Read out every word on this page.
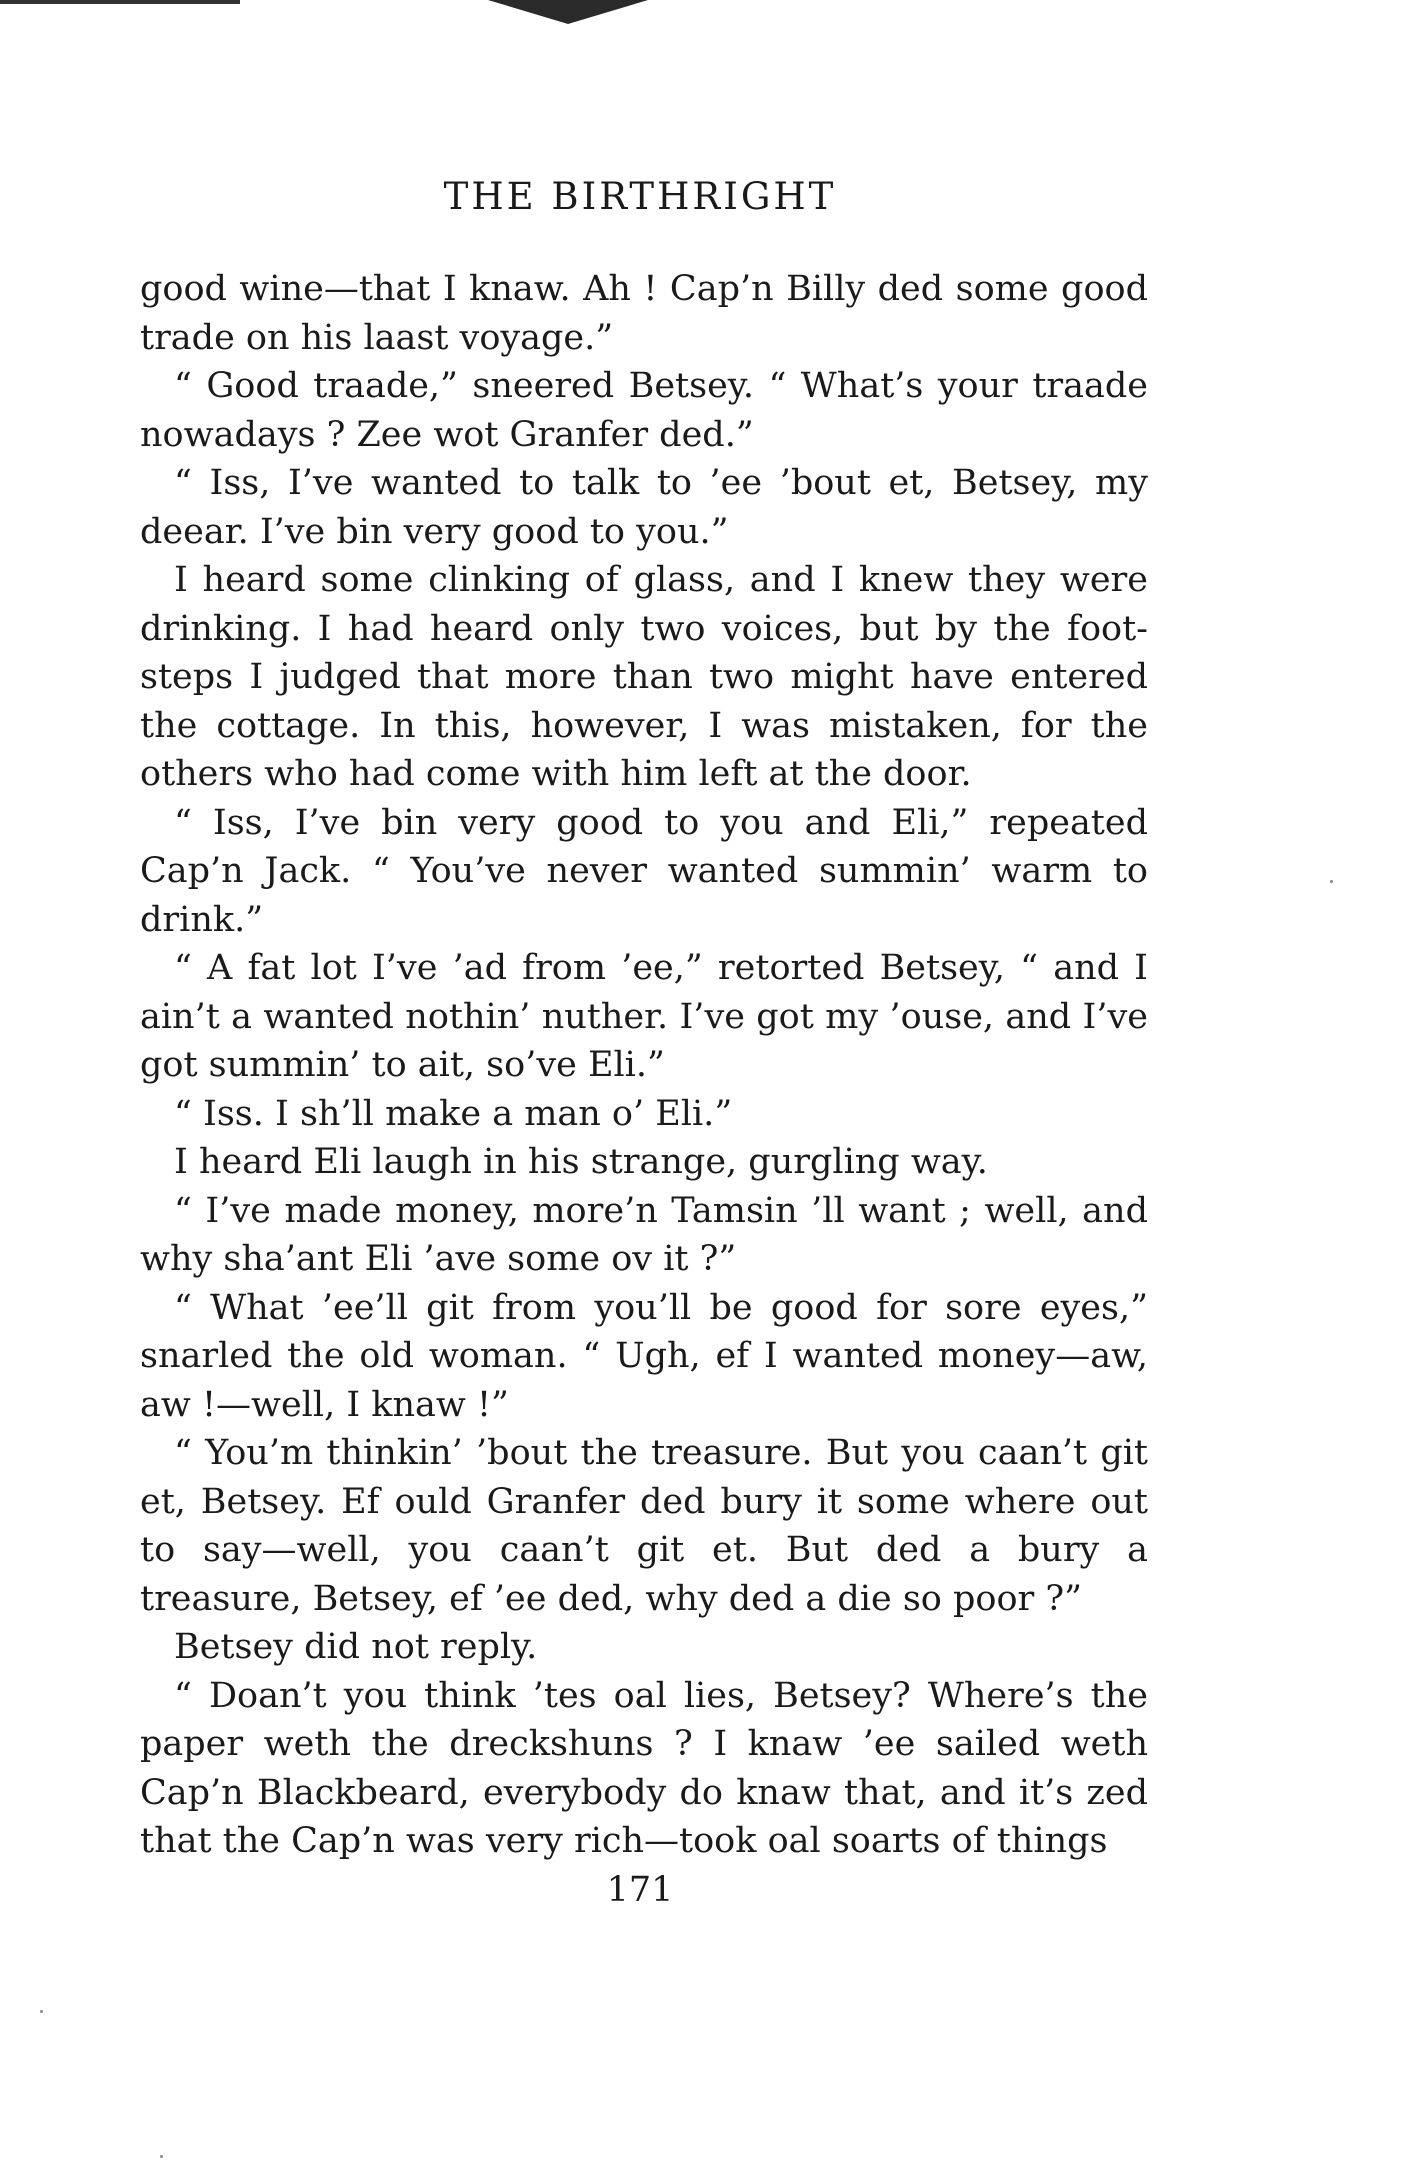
THE BIRTHRIGHT

good wine—that I knaw. Ah ! Cap’n Billy ded some good trade on his laast voyage.”

“ Good traade,” sneered Betsey. “ What’s your traade nowadays ? Zee wot Granfer ded.”

“ Iss, I’ve wanted to talk to ’ee ’bout et, Betsey, my deear. I’ve bin very good to you.”

I heard some clinking of glass, and I knew they were drinking. I had heard only two voices, but by the foot-steps I judged that more than two might have entered the cottage. In this, however, I was mistaken, for the others who had come with him left at the door.

“ Iss, I’ve bin very good to you and Eli,” repeated Cap’n Jack. “ You’ve never wanted summin’ warm to drink.”

“ A fat lot I’ve ’ad from ’ee,” retorted Betsey, “ and I ain’t a wanted nothin’ nuther. I’ve got my ’ouse, and I’ve got summin’ to ait, so’ve Eli.”

“ Iss. I sh’ll make a man o’ Eli.”

I heard Eli laugh in his strange, gurgling way.

“ I’ve made money, more’n Tamsin ’ll want ; well, and why sha’ant Eli ’ave some ov it ?”

“ What ’ee’ll git from you’ll be good for sore eyes,” snarled the old woman. “ Ugh, ef I wanted money—aw, aw !—well, I knaw !”

“ You’m thinkin’ ’bout the treasure. But you caan’t git et, Betsey. Ef ould Granfer ded bury it some where out to say—well, you caan’t git et. But ded a bury a treasure, Betsey, ef ’ee ded, why ded a die so poor ?”

Betsey did not reply.

“ Doan’t you think ’tes oal lies, Betsey? Where’s the paper weth the dreckshuns ? I knaw ’ee sailed weth Cap’n Blackbeard, everybody do knaw that, and it’s zed that the Cap’n was very rich—took oal soarts of things

171
